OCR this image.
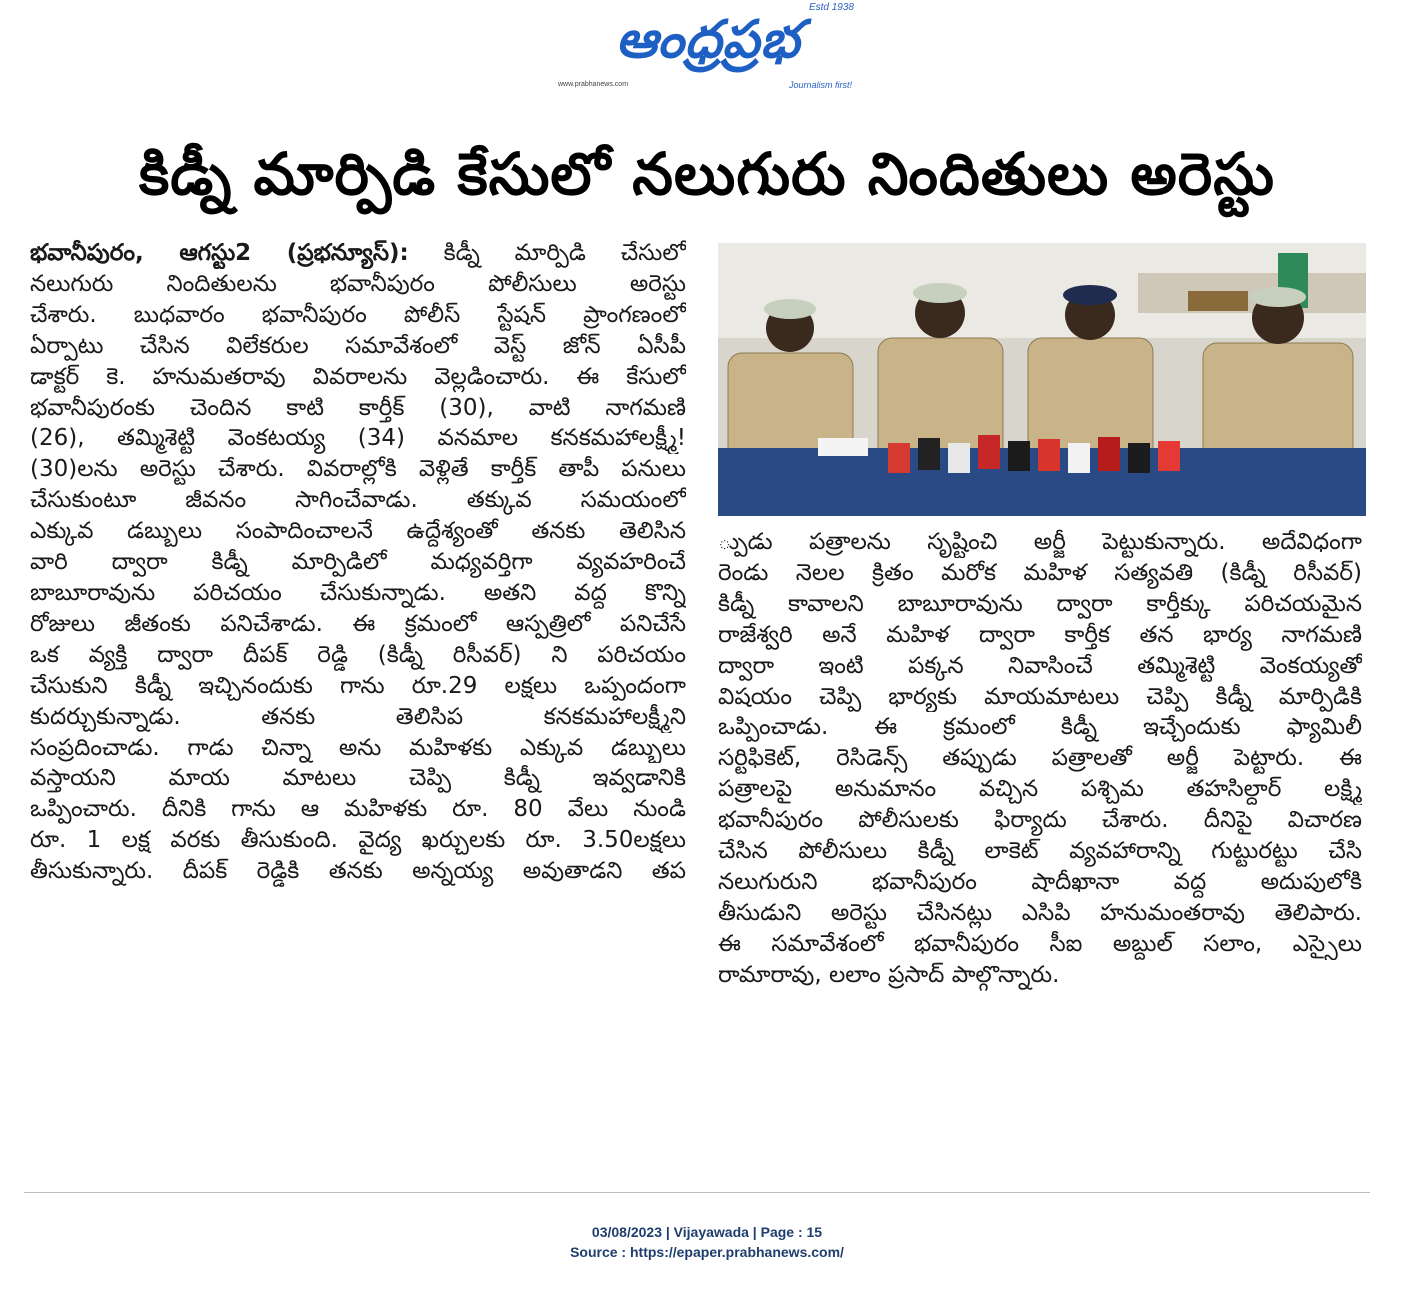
ఆంధ్రప్రభ
Estd 1938
www.prabhanews.com	Journalism first!
కిడ్నీ మార్పిడి కేసులో నలుగురు నిందితులు అరెస్టు
భవానీపురం, ఆగస్టు2 (ప్రభన్యూస్): కిడ్నీ మార్పిడి చేసులో
నలుగురు నిందితులను భవానీపురం పోలీసులు అరెస్టు
చేశారు. బుధవారం భవానీపురం పోలీస్ స్టేషన్ ప్రాంగణంలో
ఏర్పాటు చేసిన విలేకరుల సమావేశంలో వెస్ట్ జోన్ ఏసీపీ
డాక్టర్ కె. హనుమతరావు వివరాలను వెల్లడించారు. ఈ కేసులో
భవానీపురంకు చెందిన కాటి కార్తీక్ (30), వాటి నాగమణి
(26), తమ్మిశెట్టి వెంకటయ్య (34) వనమాల కనకమహాలక్ష్మీ!
(30)లను అరెస్టు చేశారు. వివరాల్లోకి వెళ్లితే కార్తీక్ తాపీ పనులు
చేసుకుంటూ జీవనం సాగించేవాడు. తక్కువ సమయంలో
ఎక్కువ డబ్బులు సంపాదించాలనే ఉద్దేశ్యంతో తనకు తెలిసిన
వారి ద్వారా కిడ్నీ మార్పిడిలో మధ్యవర్తిగా వ్యవహరించే
బాబూరావును పరిచయం చేసుకున్నాడు. అతని వద్ద కొన్ని
రోజులు జీతంకు పనిచేశాడు. ఈ క్రమంలో ఆస్పత్రిలో పనిచేసే
ఒక వ్యక్తి ద్వారా దీపక్ రెడ్డి (కిడ్నీ రిసీవర్) ని పరిచయం
చేసుకుని కిడ్నీ ఇచ్చినందుకు గాను రూ.29 లక్షలు ఒప్పందంగా
కుదర్చుకున్నాడు. తనకు తెలిసిప కనకమహాలక్ష్మీని
సంప్రదించాడు. గాడు చిన్నా అను మహిళకు ఎక్కువ డబ్బులు
వస్తాయని మాయ మాటలు చెప్పి కిడ్నీ ఇవ్వడానికి
ఒప్పించారు. దీనికి గాను ఆ మహిళకు రూ. 80 వేలు నుండి
రూ. 1 లక్ష వరకు తీసుకుంది. వైద్య ఖర్చులకు రూ. 3.50లక్షలు
తీసుకున్నారు. దీపక్ రెడ్డికి తనకు అన్నయ్య అవుతాడని తప
్పుడు పత్రాలను సృష్టించి అర్జీ పెట్టుకున్నారు. అదేవిధంగా
రెండు నెలల క్రితం మరోక మహిళ సత్యవతి (కిడ్నీ రిసీవర్)
కిడ్నీ కావాలని బాబూరావును ద్వారా కార్తీక్కు పరిచయమైన
రాజేశ్వరి అనే మహిళ ద్వారా కార్తీక తన భార్య నాగమణి
ద్వారా ఇంటి పక్కన నివాసించే తమ్మిశెట్టి వెంకయ్యతో
విషయం చెప్పి భార్యకు మాయమాటలు చెప్పి కిడ్నీ మార్పిడికి
ఒప్పించాడు. ఈ క్రమంలో కిడ్నీ ఇచ్చేందుకు ఫ్యామిలీ
సర్టిఫికెట్, రెసిడెన్స్ తప్పుడు పత్రాలతో అర్జీ పెట్టారు. ఈ
పత్రాలపై అనుమానం వచ్చిన పశ్చిమ తహసిల్దార్ లక్ష్మి
భవానీపురం పోలీసులకు ఫిర్యాదు చేశారు. దీనిపై విచారణ
చేసిన పోలీసులు కిడ్నీ లాకెట్ వ్యవహారాన్ని గుట్టురట్టు చేసి
నలుగురుని భవానీపురం షాదీఖానా వద్ద అదుపులోకి
తీసుడుని అరెస్టు చేసినట్లు ఎసిపి హనుమంతరావు తెలిపారు.
ఈ సమావేశంలో భవానీపురం సీఐ అబ్దుల్ సలాం, ఎస్సైలు
రామారావు, లలాం ప్రసాద్ పాల్గొన్నారు.
03/08/2023 | Vijayawada | Page : 15
Source : https://epaper.prabhanews.com/
